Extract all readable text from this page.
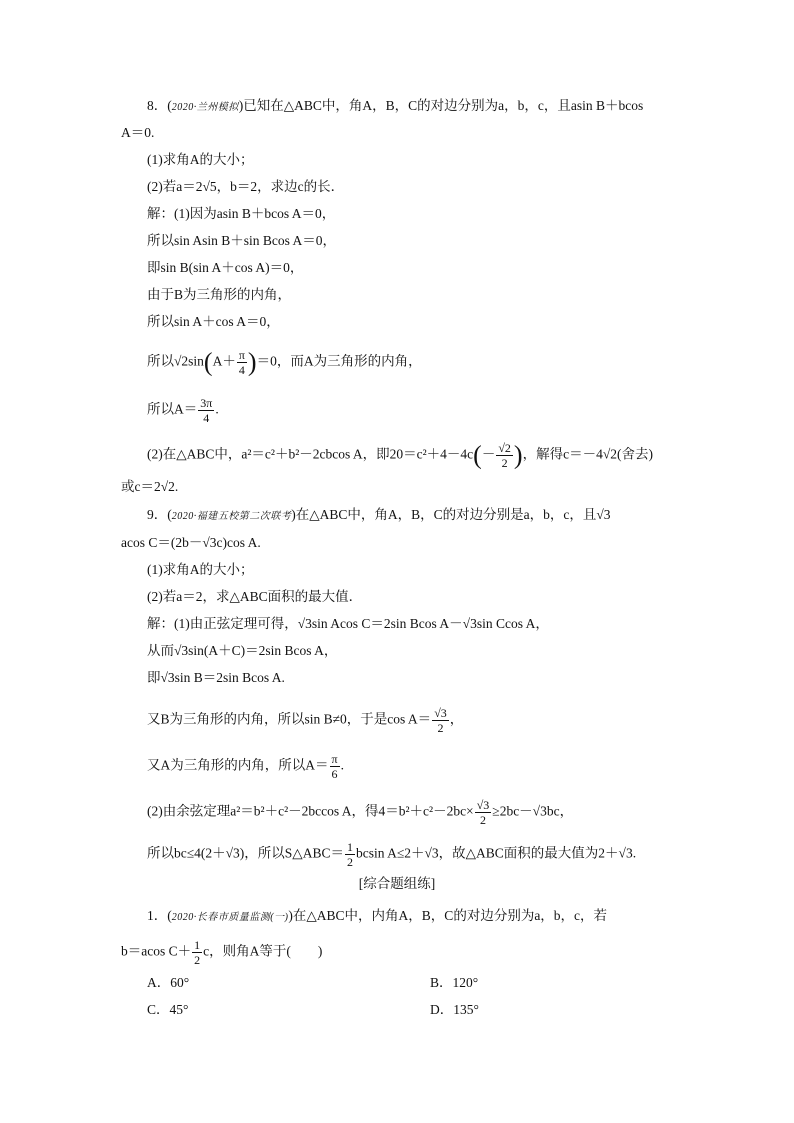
8．(2020·兰州模拟)已知在△ABC中，角A，B，C的对边分别为a，b，c，且asin B＋bcos
A＝0.
(1)求角A的大小；
(2)若a＝2√5，b＝2，求边c的长．
解：(1)因为asin B＋bcos A＝0，
所以sin Asin B＋sin Bcos A＝0，
即sin B(sin A＋cos A)＝0，
由于B为三角形的内角，
所以sin A＋cos A＝0，
所以$√2\sin(A+ \frac{\pi}{4} )=0$，而A为三角形的内角，
所以$A= \frac{3\pi}{4}$ .
(2)在△ABC中，a²＝c²＋b²－2cbcos A，即$20=c^2+4-4c(- \frac{√2}{2}$ )，解得c＝－4√2(舍去)
或c＝2√2.
9．(2020·福建五校第二次联考)在△ABC中，角A，B，C的对边分别是a，b，c，且√3
acos C＝(2b－√3c)cos A.
(1)求角A的大小；
(2)若a＝2，求△ABC面积的最大值．
解：(1)由正弦定理可得，√3sin Acos C＝2sin Bcos A－√3sin Ccos A，
从而√3sin(A＋C)＝2sin Bcos A，
即√3sin B＝2sin Bcos A.
又B为三角形的内角，所以sin B≠0，于是$\cos A= \frac{√3}{2}$ ，
又A为三角形的内角，所以$A= \frac{\pi}{6}$ .
(2)由余弦定理a²＝b²＋c²－2bccos A，得$4=b^2+c^2-2bc\times \frac{√3}{2} \ge 2bc-√3bc$，
所以bc≤4(2＋√3)，所以S△ABC＝ $\frac{1}{2}$ bcsin A≤2＋√3，故△ABC面积的最大值为2＋√3.
[综合题组练]
1．(2020·长春市质量监测(一))在△ABC中，内角A，B，C的对边分别为a，b，c，若
b＝acos $C+ \frac{1}{2}$ c，则角A等于(　　)
A．60°	B．120°
C．45°	D．135°
